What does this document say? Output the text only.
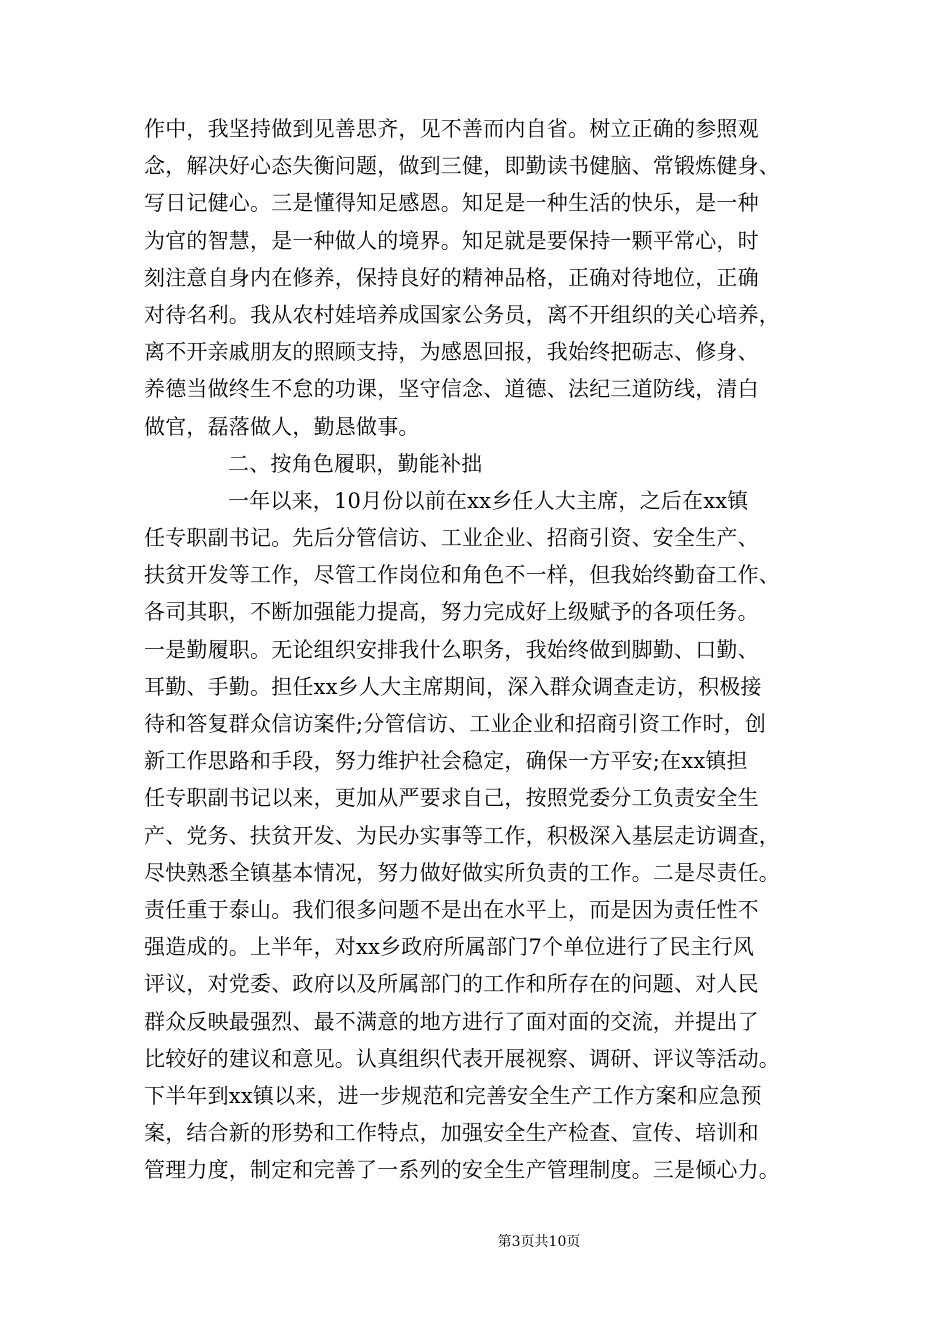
作中，我坚持做到见善思齐，见不善而内自省。树立正确的参照观
念，解决好心态失衡问题，做到三健，即勤读书健脑、常锻炼健身、
写日记健心。三是懂得知足感恩。知足是一种生活的快乐，是一种
为官的智慧，是一种做人的境界。知足就是要保持一颗平常心，时
刻注意自身内在修养，保持良好的精神品格，正确对待地位，正确
对待名利。我从农村娃培养成国家公务员，离不开组织的关心培养，
离不开亲戚朋友的照顾支持，为感恩回报，我始终把砺志、修身、
养德当做终生不怠的功课，坚守信念、道德、法纪三道防线，清白
做官，磊落做人，勤恳做事。
二、按角色履职，勤能补拙
一年以来，10月份以前在xx乡任人大主席，之后在xx镇
任专职副书记。先后分管信访、工业企业、招商引资、安全生产、
扶贫开发等工作，尽管工作岗位和角色不一样，但我始终勤奋工作、
各司其职，不断加强能力提高，努力完成好上级赋予的各项任务。
一是勤履职。无论组织安排我什么职务，我始终做到脚勤、口勤、
耳勤、手勤。担任xx乡人大主席期间，深入群众调查走访，积极接
待和答复群众信访案件;分管信访、工业企业和招商引资工作时，创
新工作思路和手段，努力维护社会稳定，确保一方平安;在xx镇担
任专职副书记以来，更加从严要求自己，按照党委分工负责安全生
产、党务、扶贫开发、为民办实事等工作，积极深入基层走访调查，
尽快熟悉全镇基本情况，努力做好做实所负责的工作。二是尽责任。
责任重于泰山。我们很多问题不是出在水平上，而是因为责任性不
强造成的。上半年，对xx乡政府所属部门7个单位进行了民主行风
评议，对党委、政府以及所属部门的工作和所存在的问题、对人民
群众反映最强烈、最不满意的地方进行了面对面的交流，并提出了
比较好的建议和意见。认真组织代表开展视察、调研、评议等活动。
下半年到xx镇以来，进一步规范和完善安全生产工作方案和应急预
案，结合新的形势和工作特点，加强安全生产检查、宣传、培训和
管理力度，制定和完善了一系列的安全生产管理制度。三是倾心力。
第3页共10页
